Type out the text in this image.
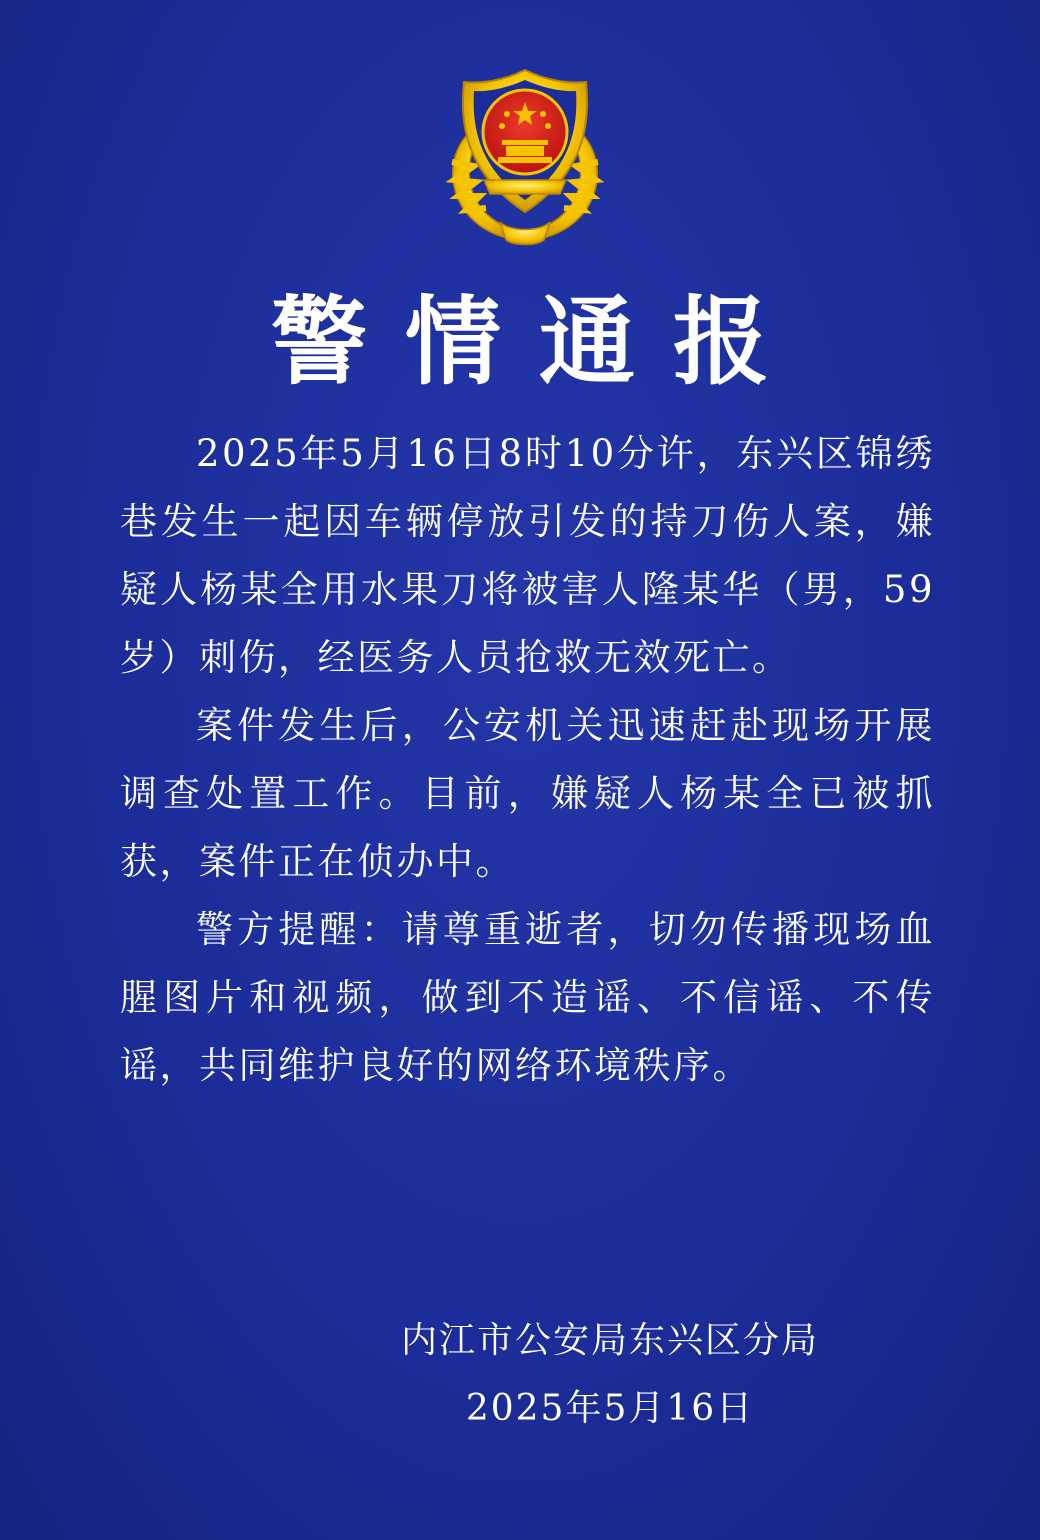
警情通报

2025年5月16日8时10分许，东兴区锦绣巷发生一起因车辆停放引发的持刀伤人案，嫌疑人杨某全用水果刀将被害人隆某华（男，59岁）刺伤，经医务人员抢救无效死亡。

案件发生后，公安机关迅速赶赴现场开展调查处置工作。目前，嫌疑人杨某全已被抓获，案件正在侦办中。

警方提醒：请尊重逝者，切勿传播现场血腥图片和视频，做到不造谣、不信谣、不传谣，共同维护良好的网络环境秩序。

内江市公安局东兴区分局
2025年5月16日
